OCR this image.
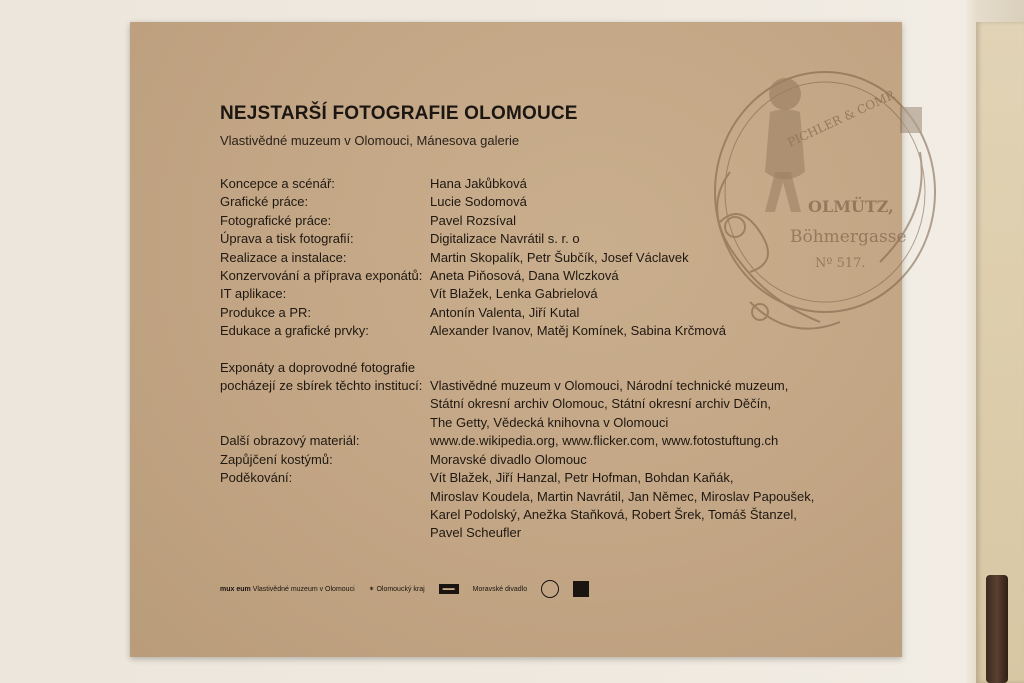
PICHLER & COMP.
OLMÜTZ,
Böhmergasse
Nº 517.
NEJSTARŠÍ FOTOGRAFIE OLOMOUCE
Vlastivědné muzeum v Olomouci, Mánesova galerie
Koncepce a scénář:	Hana Jakůbková
Grafické práce:	Lucie Sodomová
Fotografické práce:	Pavel Rozsíval
Úprava a tisk fotografií:	Digitalizace Navrátil s. r. o
Realizace a instalace:	Martin Skopalík, Petr Šubčík, Josef Václavek
Konzervování a příprava exponátů: Aneta Piňosová, Dana Wlczková
IT aplikace:	Vít Blažek, Lenka Gabrielová
Produkce a PR:	Antonín Valenta, Jiří Kutal
Edukace a grafické prvky:	Alexander Ivanov, Matěj Komínek, Sabina Krčmová
Exponáty a doprovodné fotografie
pocházejí ze sbírek těchto institucí: Vlastivědné muzeum v Olomouci, Národní technické muzeum,
Státní okresní archiv Olomouc, Státní okresní archiv Děčín,
The Getty, Vědecká knihovna v Olomouci
Další obrazový materiál:	www.de.wikipedia.org, www.flicker.com, www.fotostuftung.ch
Zapůjčení kostýmů:	Moravské divadlo Olomouc
Poděkování:	Vít Blažek, Jiří Hanzal, Petr Hofman, Bohdan Kaňák,
Miroslav Koudela, Martin Navrátil, Jan Němec, Miroslav Papoušek,
Karel Podolský, Anežka Staňková, Robert Šrek, Tomáš Štanzel,
Pavel Scheufler
mux eum Vlastivědné muzeum v Olomouci ✶ Olomoucký kraj	▬▬	Moravské divadlo
